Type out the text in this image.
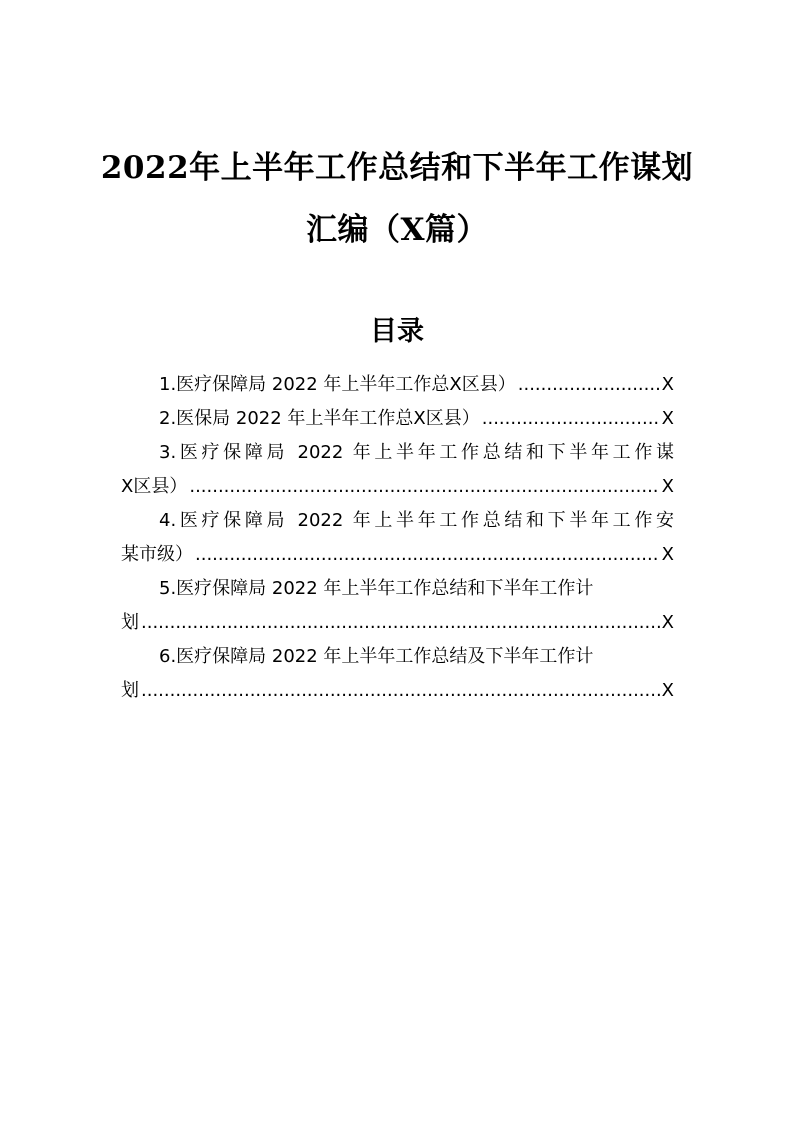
2022年上半年工作总结和下半年工作谋划
汇编（X篇）
目录
1.医疗保障局 2022 年上半年工作总X区县） .....	X
2.医保局 2022 年上半年工作总X区县） .....	X
3.医疗保障局 2022 年上半年工作总结和下半年工作谋
X区县） .....	X
4.医疗保障局 2022 年上半年工作总结和下半年工作安
某市级） .....	X
5.医疗保障局 2022 年上半年工作总结和下半年工作计
划 .....	X
6.医疗保障局 2022 年上半年工作总结及下半年工作计
划 .....	X
